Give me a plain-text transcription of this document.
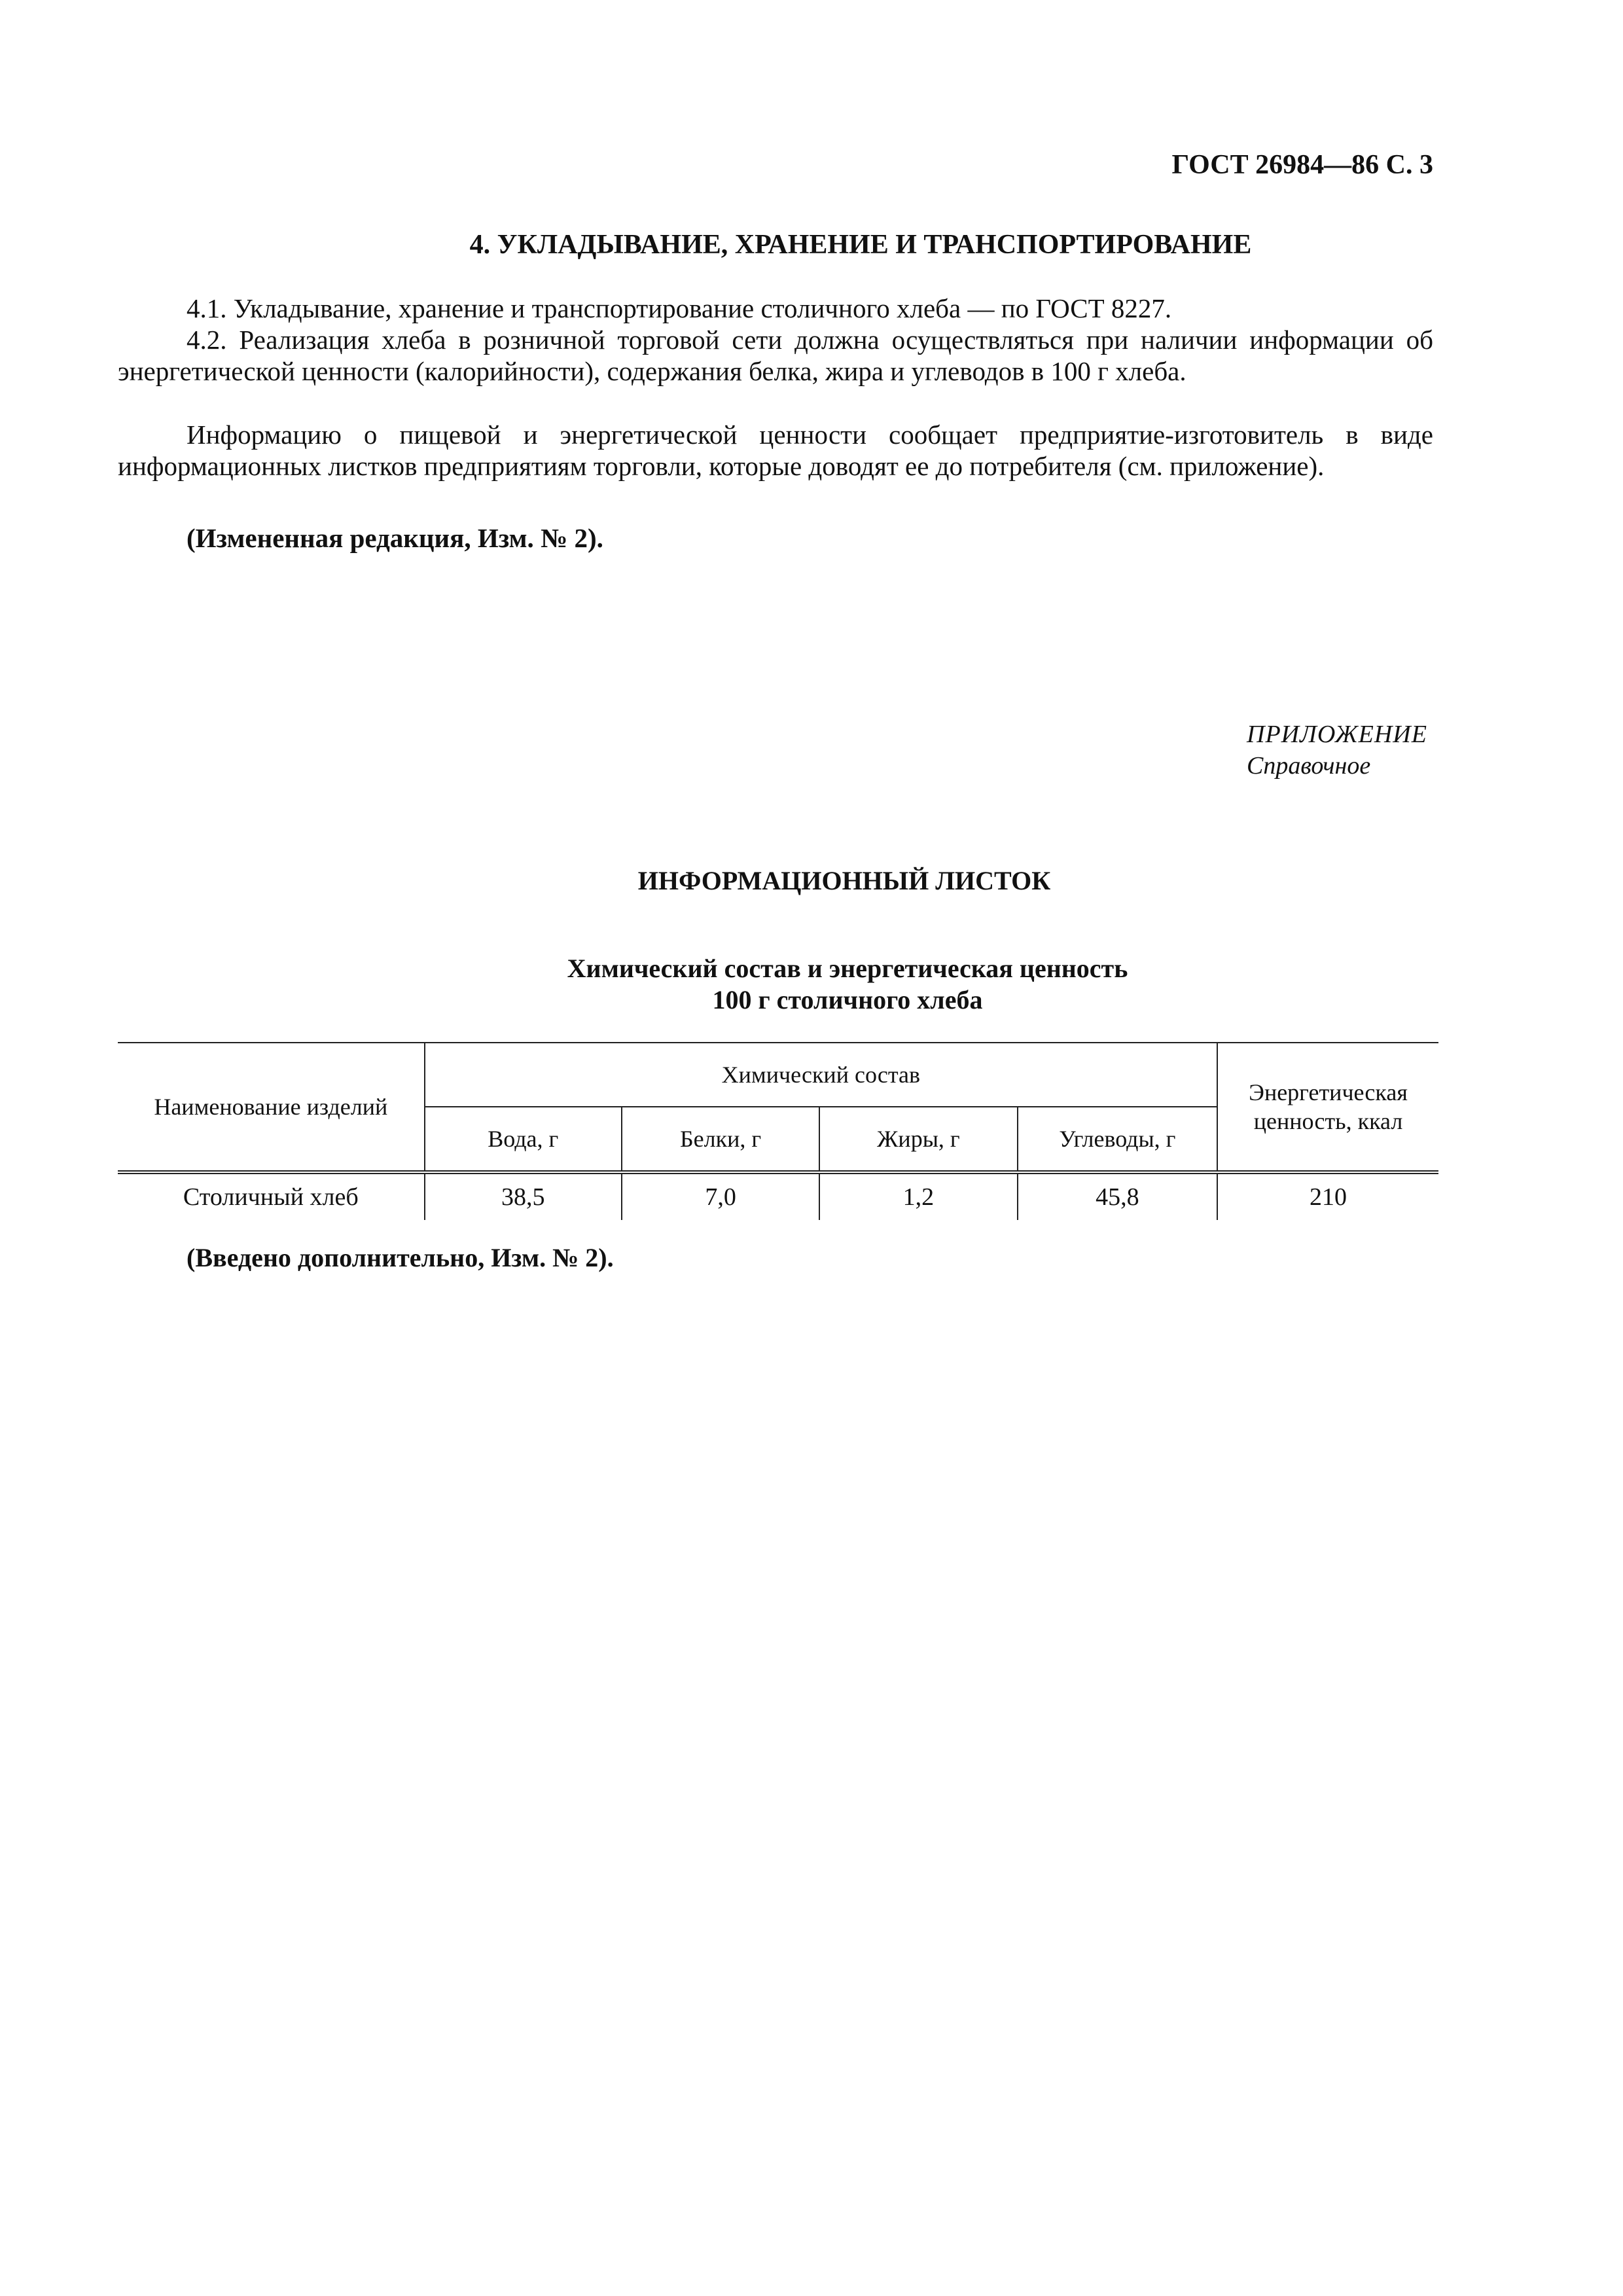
ГОСТ 26984—86 С. 3
4. УКЛАДЫВАНИЕ, ХРАНЕНИЕ И ТРАНСПОРТИРОВАНИЕ

4.1. Укладывание, хранение и транспортирование столичного хлеба — по ГОСТ 8227.

4.2. Реализация хлеба в розничной торговой сети должна осуществляться при наличии информации об энергетической ценности (калорийности), содержания белка, жира и углеводов в 100 г хлеба.

Информацию о пищевой и энергетической ценности сообщает предприятие-изготовитель в виде информационных листков предприятиям торговли, которые доводят ее до потребителя (см. приложение).

(Измененная редакция, Изм. № 2).

ПРИЛОЖЕНИЕ
Справочное
ИНФОРМАЦИОННЫЙ ЛИСТОК
Химический состав и энергетическая ценность
100 г столичного хлеба
Наименование изделий	Химический состав				Энергетическая ценность, ккал
	Вода, г	Белки, г	Жиры, г	Углеводы, г	
Столичный хлеб	38,5	7,0	1,2	45,8	210
(Введено дополнительно, Изм. № 2).
